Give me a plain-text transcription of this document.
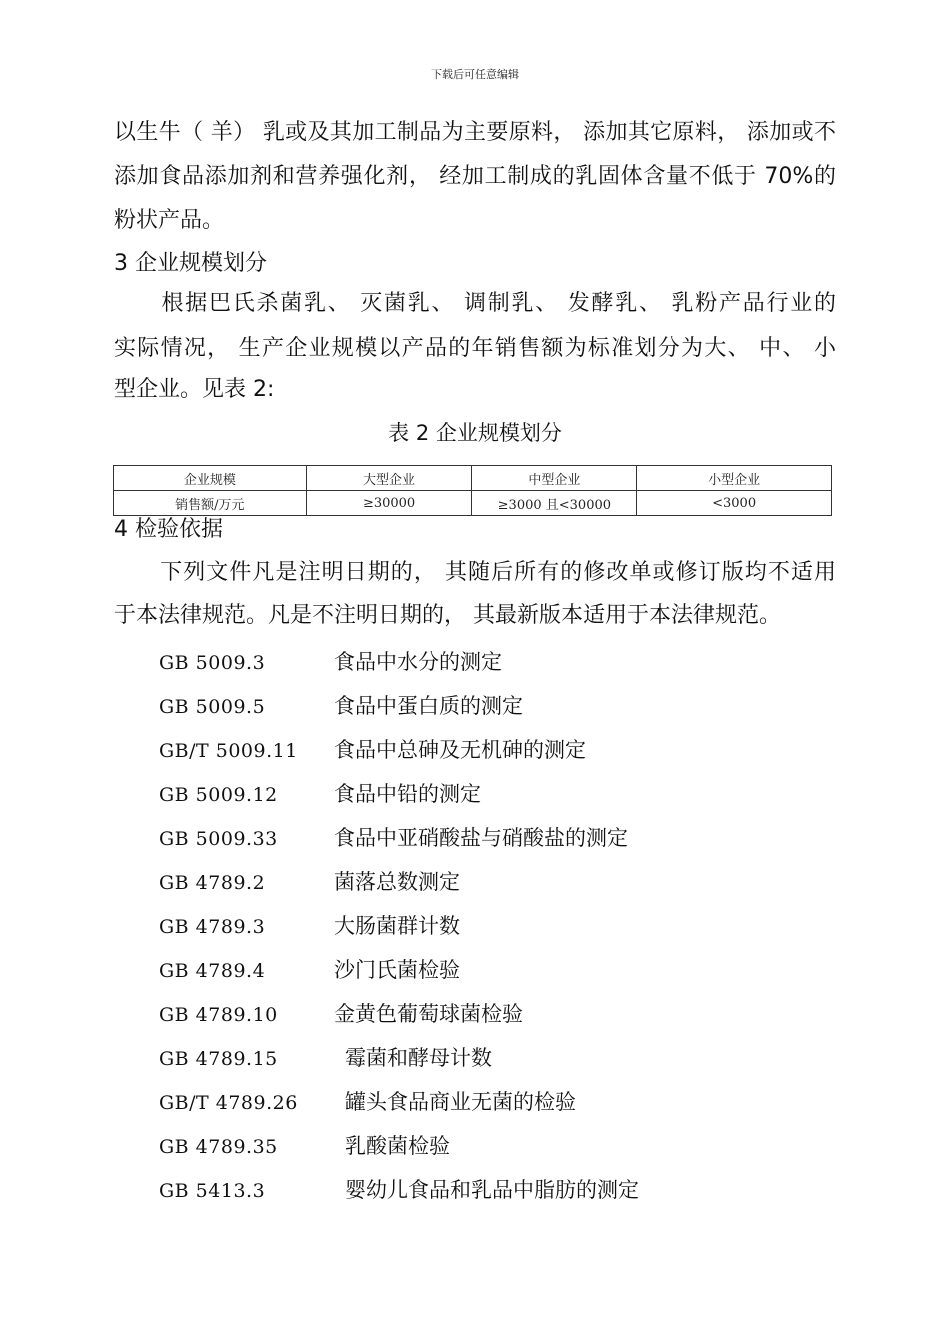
下载后可任意编辑
以生牛（ 羊） 乳或及其加工制品为主要原料， 添加其它原料， 添加或不
添加食品添加剂和营养强化剂， 经加工制成的乳固体含量不低于 70%的
粉状产品。
3 企业规模划分
　　根据巴氏杀菌乳、 灭菌乳、 调制乳、 发酵乳、 乳粉产品行业的
实际情况， 生产企业规模以产品的年销售额为标准划分为大、 中、 小
型企业。见表 2:
表 2 企业规模划分
企业规模	大型企业	中型企业	小型企业
销售额/万元	≥30000	≥3000 且<30000	<3000
4 检验依据
　　下列文件凡是注明日期的， 其随后所有的修改单或修订版均不适用
于本法律规范。凡是不注明日期的， 其最新版本适用于本法律规范。
GB 5009.3	食品中水分的测定
GB 5009.5	食品中蛋白质的测定
GB/T 5009.11 食品中总砷及无机砷的测定
GB 5009.12	食品中铅的测定
GB 5009.33	食品中亚硝酸盐与硝酸盐的测定
GB 4789.2	菌落总数测定
GB 4789.3	大肠菌群计数
GB 4789.4	沙门氏菌检验
GB 4789.10	金黄色葡萄球菌检验
GB 4789.15	霉菌和酵母计数
GB/T 4789.26 罐头食品商业无菌的检验
GB 4789.35	乳酸菌检验
GB 5413.3	婴幼儿食品和乳品中脂肪的测定
